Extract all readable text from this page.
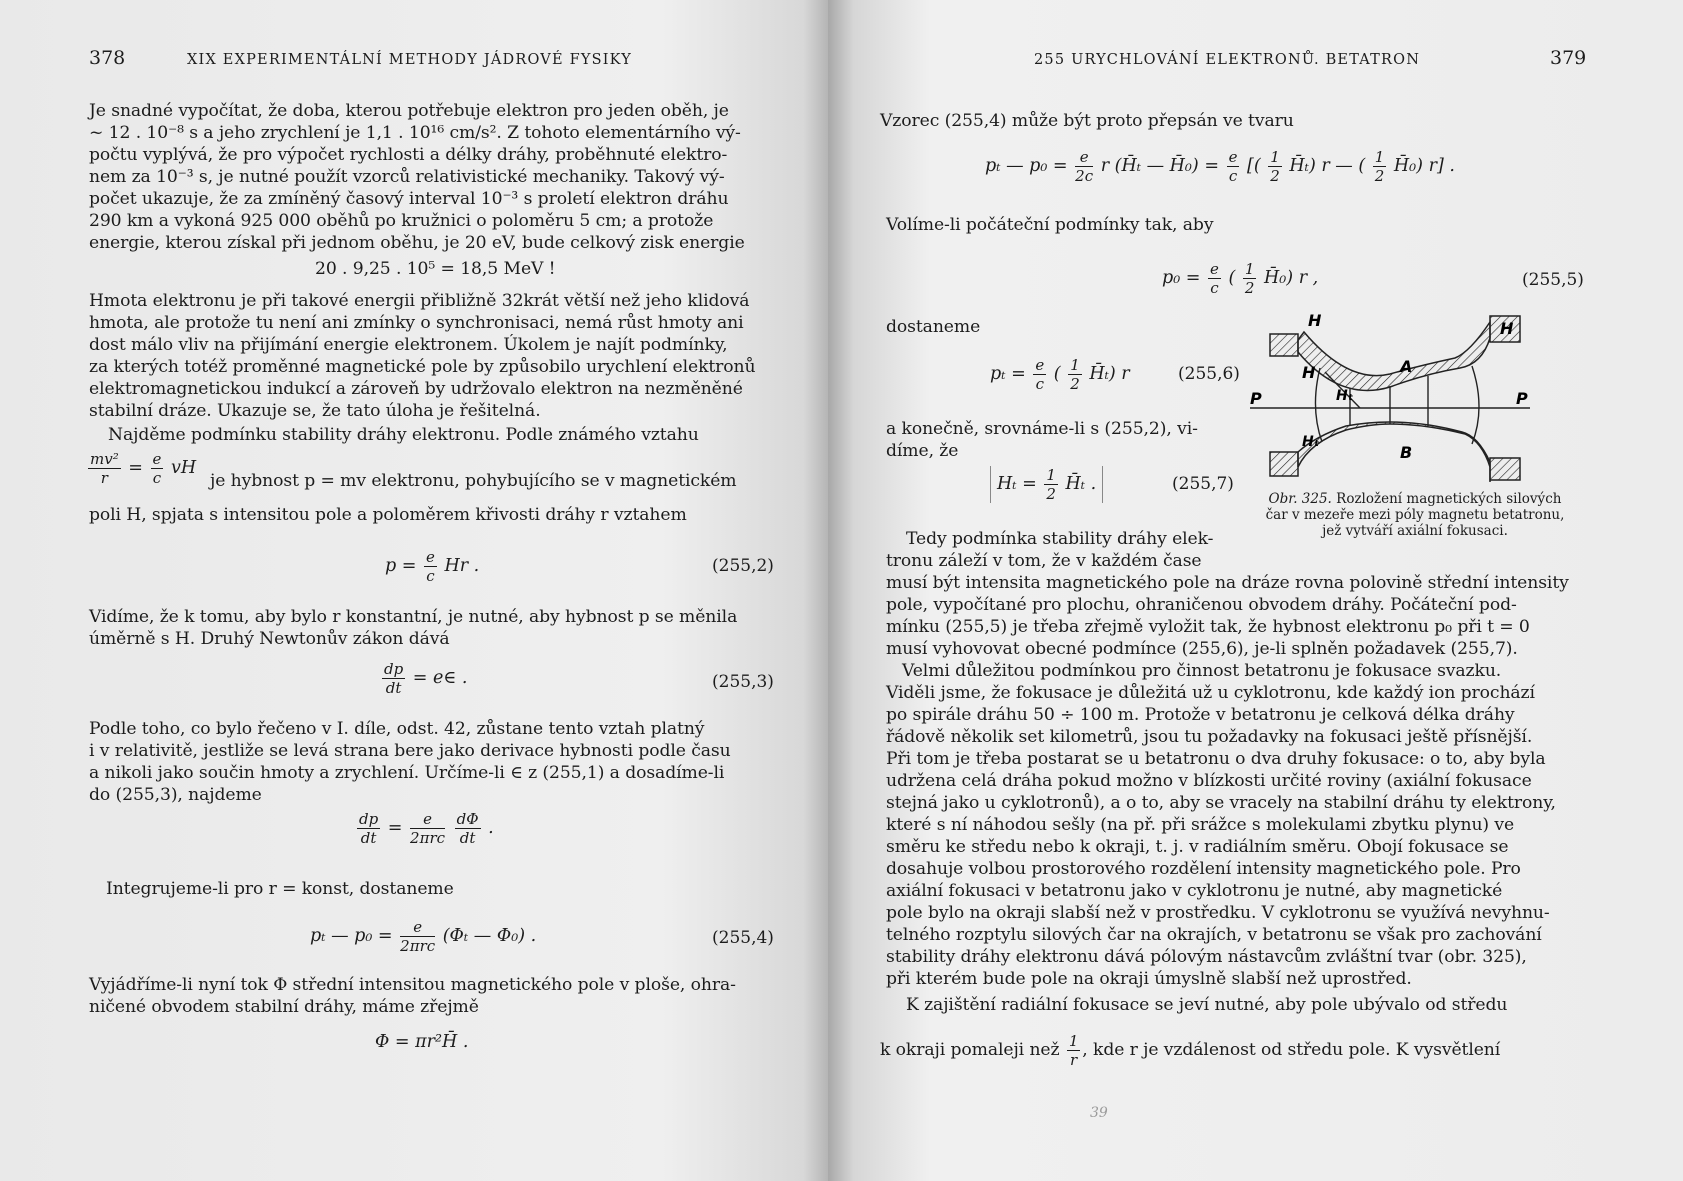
378	XIX EXPERIMENTÁLNÍ METHODY JÁDROVÉ FYSIKY
Je snadné vypočítat, že doba, kterou potřebuje elektron pro jeden oběh, je
~ 12 . 10⁻⁸ s a jeho zrychlení je 1,1 . 10¹⁶ cm/s². Z tohoto elementárního vý-
počtu vyplývá, že pro výpočet rychlosti a délky dráhy, proběhnuté elektro-
nem za 10⁻³ s, je nutné použít vzorců relativistické mechaniky. Takový vý-
počet ukazuje, že za zmíněný časový interval 10⁻³ s proletí elektron dráhu
290 km a vykoná 925 000 oběhů po kružnici o poloměru 5 cm; a protože
energie, kterou získal při jednom oběhu, je 20 eV, bude celkový zisk energie
20 . 9,25 . 10⁵ = 18,5 MeV !
Hmota elektronu je při takové energii přibližně 32krát větší než jeho klidová
hmota, ale protože tu není ani zmínky o synchronisaci, nemá růst hmoty ani
dost málo vliv na přijímání energie elektronem. Úkolem je najít podmínky,
za kterých totéž proměnné magnetické pole by způsobilo urychlení elektronů
elektromagnetickou indukcí a zároveň by udržovalo elektron na nezměněné
stabilní dráze. Ukazuje se, že tato úloha je řešitelná.
Najděme podmínku stability dráhy elektronu. Podle známého vztahu
$\frac{\text{mv²}}{r} = \frac{e}{c}$ vH
je hybnost p = mv elektronu, pohybujícího se v magnetickém
poli H, spjata s intensitou pole a poloměrem křivosti dráhy r vztahem
$p = \frac{e}{c}$ Hr .	(255,2)
Vidíme, že k tomu, aby bylo r konstantní, je nutné, aby hybnost p se měnila
úměrně s H. Druhý Newtonův zákon dává
$\frac{dp}{dt}$ = e∈ .	(255,3)
Podle toho, co bylo řečeno v I. díle, odst. 42, zůstane tento vztah platný
i v relativitě, jestliže se levá strana bere jako derivace hybnosti podle času
a nikoli jako součin hmoty a zrychlení. Určíme-li ∈ z (255,1) a dosadíme-li
do (255,3), najdeme
$\frac{dp}{dt} = \frac{e}{\text{2πrc}}$
$\frac{d\Phi}{dt}$ .
Integrujeme-li pro r = konst, dostaneme
pₜ — $p_0 = \frac{e}{\text{2πrc}} (\Phi_t$ — Φ₀) .	(255,4)
Vyjádříme-li nyní tok Φ střední intensitou magnetického pole v ploše, ohra-
ničené obvodem stabilní dráhy, máme zřejmě
Φ = πr²H̄ .
255 URYCHLOVÁNÍ ELEKTRONŮ. BETATRON	379
Vzorec (255,4) může být proto přepsán ve tvaru
pₜ — $p_0 = \frac{e}{2c}$ r (H̄ₜ — H̄₀) = $\frac{e}{c}$ [( $\frac{1}{2}$ H̄ₜ) r — ( $\frac{1}{2}$ H̄₀) r] .
Volíme-li počáteční podmínky tak, aby
$p_0 = \frac{e}{c}$ ( $\frac{1}{2}$ H̄₀) r ,	(255,5)
dostaneme
$p_t = \frac{e}{c}$ ( $\frac{1}{2}$ H̄ₜ) r	(255,6)
a konečně, srovnáme-li s (255,2), vi-
díme, že
$H_t = \frac{1}{2}$ H̄ₜ .	(255,7)
H	H
H	A
B
Hₜ
Hₜ
P	P
Obr. 325. Rozložení magnetických silových
čar v mezeře mezi póly magnetu betatronu,
jež vytváří axiální fokusaci.
Tedy podmínka stability dráhy elek-
tronu záleží v tom, že v každém čase
musí být intensita magnetického pole na dráze rovna polovině střední intensity
pole, vypočítané pro plochu, ohraničenou obvodem dráhy. Počáteční pod-
mínku (255,5) je třeba zřejmě vyložit tak, že hybnost elektronu p₀ při t = 0
musí vyhovovat obecné podmínce (255,6), je-li splněn požadavek (255,7).
Velmi důležitou podmínkou pro činnost betatronu je fokusace svazku.
Viděli jsme, že fokusace je důležitá už u cyklotronu, kde každý ion prochází
po spirále dráhu 50 ÷ 100 m. Protože v betatronu je celková délka dráhy
řádově několik set kilometrů, jsou tu požadavky na fokusaci ještě přísnější.
Při tom je třeba postarat se u betatronu o dva druhy fokusace: o to, aby byla
udržena celá dráha pokud možno v blízkosti určité roviny (axiální fokusace
stejná jako u cyklotronů), a o to, aby se vracely na stabilní dráhu ty elektrony,
které s ní náhodou sešly (na př. při srážce s molekulami zbytku plynu) ve
směru ke středu nebo k okraji, t. j. v radiálním směru. Obojí fokusace se
dosahuje volbou prostorového rozdělení intensity magnetického pole. Pro
axiální fokusaci v betatronu jako v cyklotronu je nutné, aby magnetické
pole bylo na okraji slabší než v prostředku. V cyklotronu se využívá nevyhnu-
telného rozptylu silových čar na okrajích, v betatronu se však pro zachování
stability dráhy elektronu dává pólovým nástavcům zvláštní tvar (obr. 325),
při kterém bude pole na okraji úmyslně slabší než uprostřed.
K zajištění radiální fokusace se jeví nutné, aby pole ubývalo od středu
k okraji pomaleji než $\frac{1}{r}$ , kde r je vzdálenost od středu pole. K vysvětlení
39
